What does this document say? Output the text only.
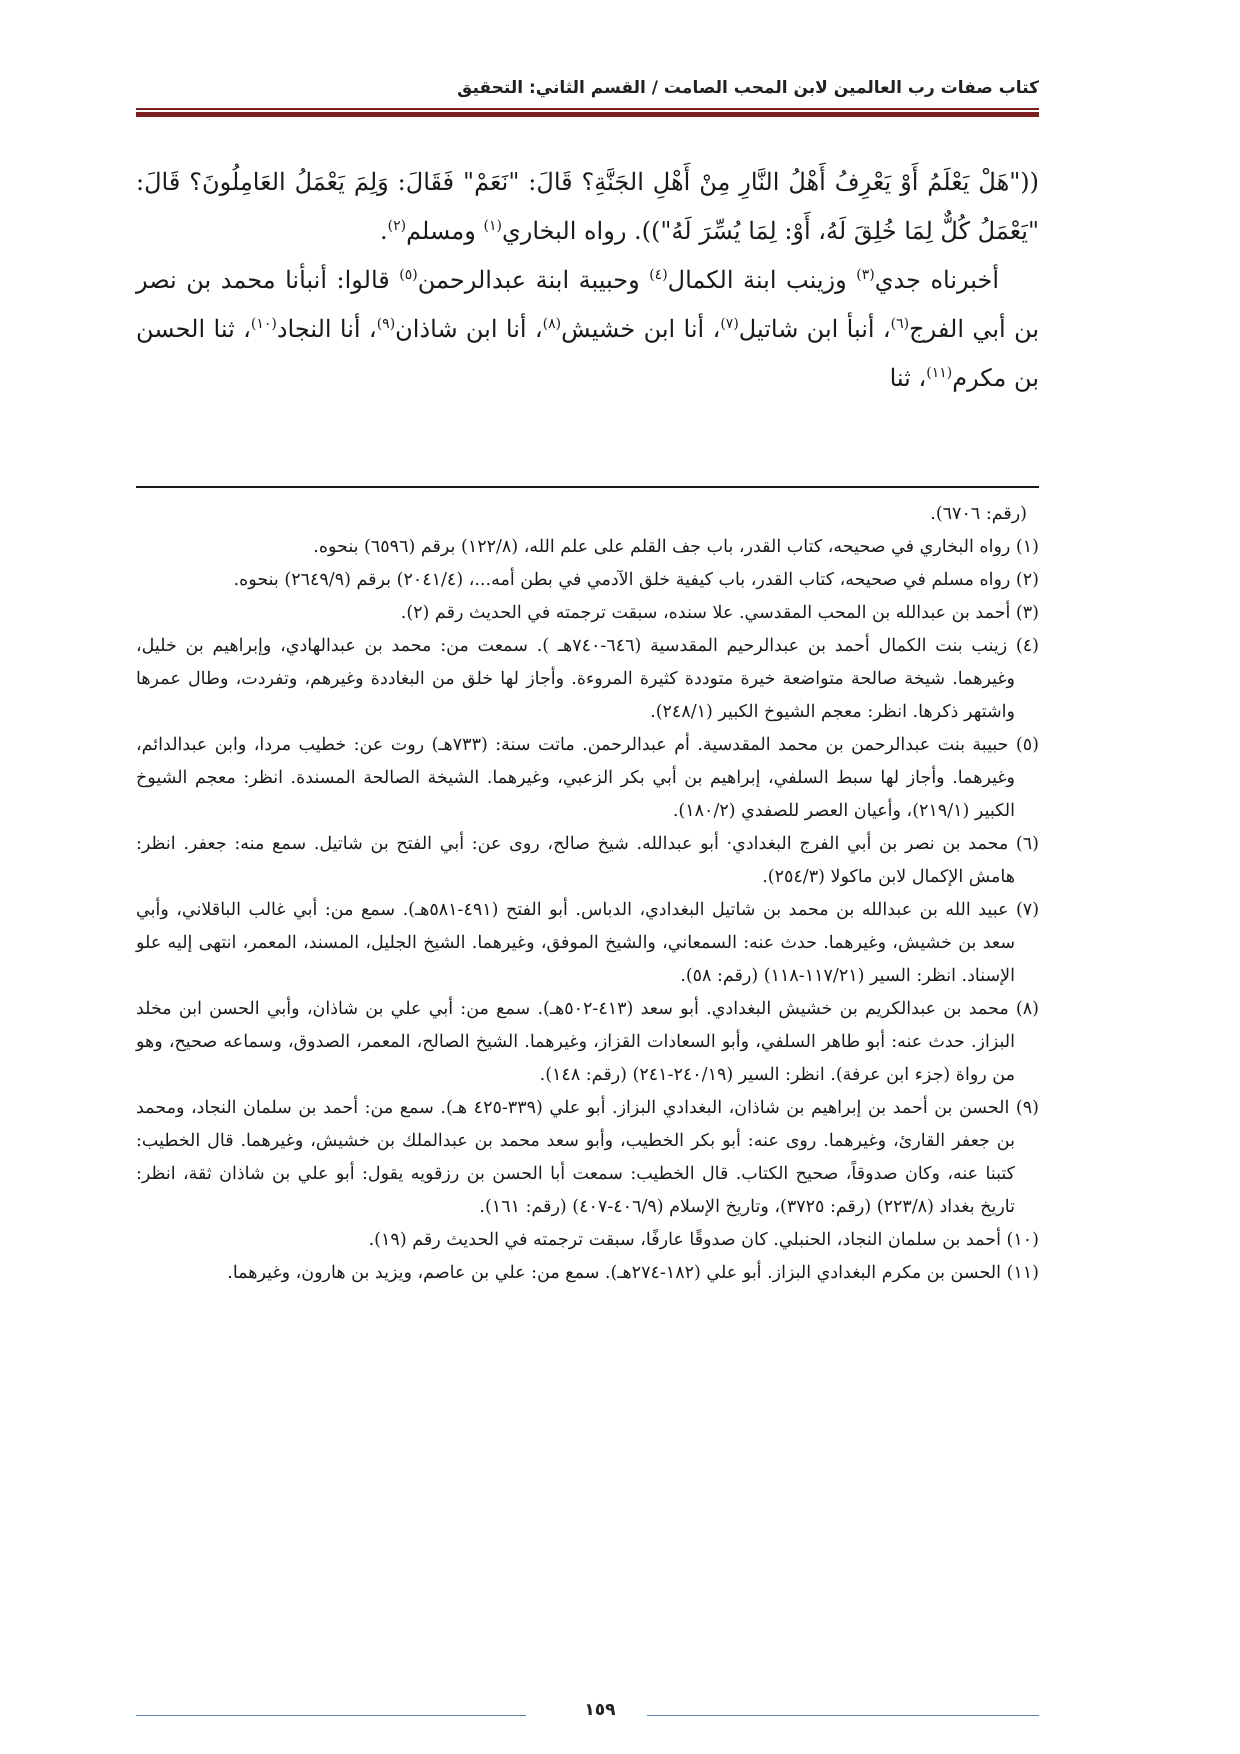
كتاب صفات رب العالمين لابن المحب الصامت / القسم الثاني: التحقيق

(("هَلْ يَعْلَمُ أَوْ يَعْرِفُ أَهْلُ النَّارِ مِنْ أَهْلِ الجَنَّةِ؟ قَالَ: "نَعَمْ" فَقَالَ: وَلِمَ يَعْمَلُ العَامِلُونَ؟ قَالَ: "يَعْمَلُ كُلٌّ لِمَا خُلِقَ لَهُ، أَوْ: لِمَا يُسِّرَ لَهُ")). رواه البخاري$^{(١)}$ ومسلم$^{(٢)}$.

أخبرناه جدي$^{(٣)}$ وزينب ابنة الكمال$^{(٤)}$ وحبيبة ابنة عبدالرحمن$^{(٥)}$ قالوا: أنبأنا محمد بن نصر بن أبي الفرج$^{(٦)}$، أنبأ ابن شاتيل$^{(٧)}$، أنا ابن خشيش$^{(٨)}$، أنا ابن شاذان$^{(٩)}$، أنا النجاد$^{(١٠)}$، ثنا الحسن بن مكرم$^{(١١)}$، ثنا

(رقم: ٦٧٠٦).

(١) رواه البخاري في صحيحه، كتاب القدر، باب جف القلم على علم الله، (١٢٢/٨) برقم (٦٥٩٦) بنحوه.

(٢) رواه مسلم في صحيحه، كتاب القدر، باب كيفية خلق الآدمي في بطن أمه...، (٢٠٤١/٤) برقم (٢٦٤٩/٩) بنحوه.

(٣) أحمد بن عبدالله بن المحب المقدسي. علا سنده، سبقت ترجمته في الحديث رقم (٢).

(٤) زينب بنت الكمال أحمد بن عبدالرحيم المقدسية (٦٤٦-٧٤٠هـ ). سمعت من: محمد بن عبدالهادي، وإبراهيم بن خليل، وغيرهما. شيخة صالحة متواضعة خيرة متوددة كثيرة المروءة. وأجاز لها خلق من البغاددة وغيرهم، وتفردت، وطال عمرها واشتهر ذكرها. انظر: معجم الشيوخ الكبير (٢٤٨/١).

(٥) حبيبة بنت عبدالرحمن بن محمد المقدسية. أم عبدالرحمن. ماتت سنة: (٧٣٣هـ) روت عن: خطيب مردا، وابن عبدالدائم، وغيرهما. وأجاز لها سبط السلفي، إبراهيم بن أبي بكر الزعبي، وغيرهما. الشيخة الصالحة المسندة. انظر: معجم الشيوخ الكبير (٢١٩/١)، وأعيان العصر للصفدي (١٨٠/٢).

(٦) محمد بن نصر بن أبي الفرج البغدادي· أبو عبدالله. شيخ صالح، روى عن: أبي الفتح بن شاتيل. سمع منه: جعفر. انظر: هامش الإكمال لابن ماكولا (٢٥٤/٣).

(٧) عبيد الله بن عبدالله بن محمد بن شاتيل البغدادي، الدباس. أبو الفتح (٤٩١-٥٨١هـ). سمع من: أبي غالب الباقلاني، وأبي سعد بن خشيش، وغيرهما. حدث عنه: السمعاني، والشيخ الموفق، وغيرهما. الشيخ الجليل، المسند، المعمر، انتهى إليه علو الإسناد. انظر: السير (١١٧/٢١-١١٨) (رقم: ٥٨).

(٨) محمد بن عبدالكريم بن خشيش البغدادي. أبو سعد (٤١٣-٥٠٢هـ). سمع من: أبي علي بن شاذان، وأبي الحسن ابن مخلد البزاز. حدث عنه: أبو طاهر السلفي، وأبو السعادات القزاز، وغيرهما. الشيخ الصالح، المعمر، الصدوق، وسماعه صحيح، وهو من رواة (جزء ابن عرفة). انظر: السير (٢٤٠/١٩-٢٤١) (رقم: ١٤٨).

(٩) الحسن بن أحمد بن إبراهيم بن شاذان، البغدادي البزاز. أبو علي (٣٣٩-٤٢٥ هـ). سمع من: أحمد بن سلمان النجاد، ومحمد بن جعفر القارئ، وغيرهما. روى عنه: أبو بكر الخطيب، وأبو سعد محمد بن عبدالملك بن خشيش، وغيرهما. قال الخطيب: كتبنا عنه، وكان صدوقاً، صحيح الكتاب. قال الخطيب: سمعت أبا الحسن بن رزقويه يقول: أبو علي بن شاذان ثقة، انظر: تاريخ بغداد (٢٢٣/٨) (رقم: ٣٧٢٥)، وتاريخ الإسلام (٤٠٦/٩-٤٠٧) (رقم: ١٦١).

(١٠) أحمد بن سلمان النجاد، الحنبلي. كان صدوقًا عارفًا، سبقت ترجمته في الحديث رقم (١٩).

(١١) الحسن بن مكرم البغدادي البزاز. أبو علي (١٨٢-٢٧٤هـ). سمع من: علي بن عاصم، ويزيد بن هارون، وغيرهما.

١٥٩
